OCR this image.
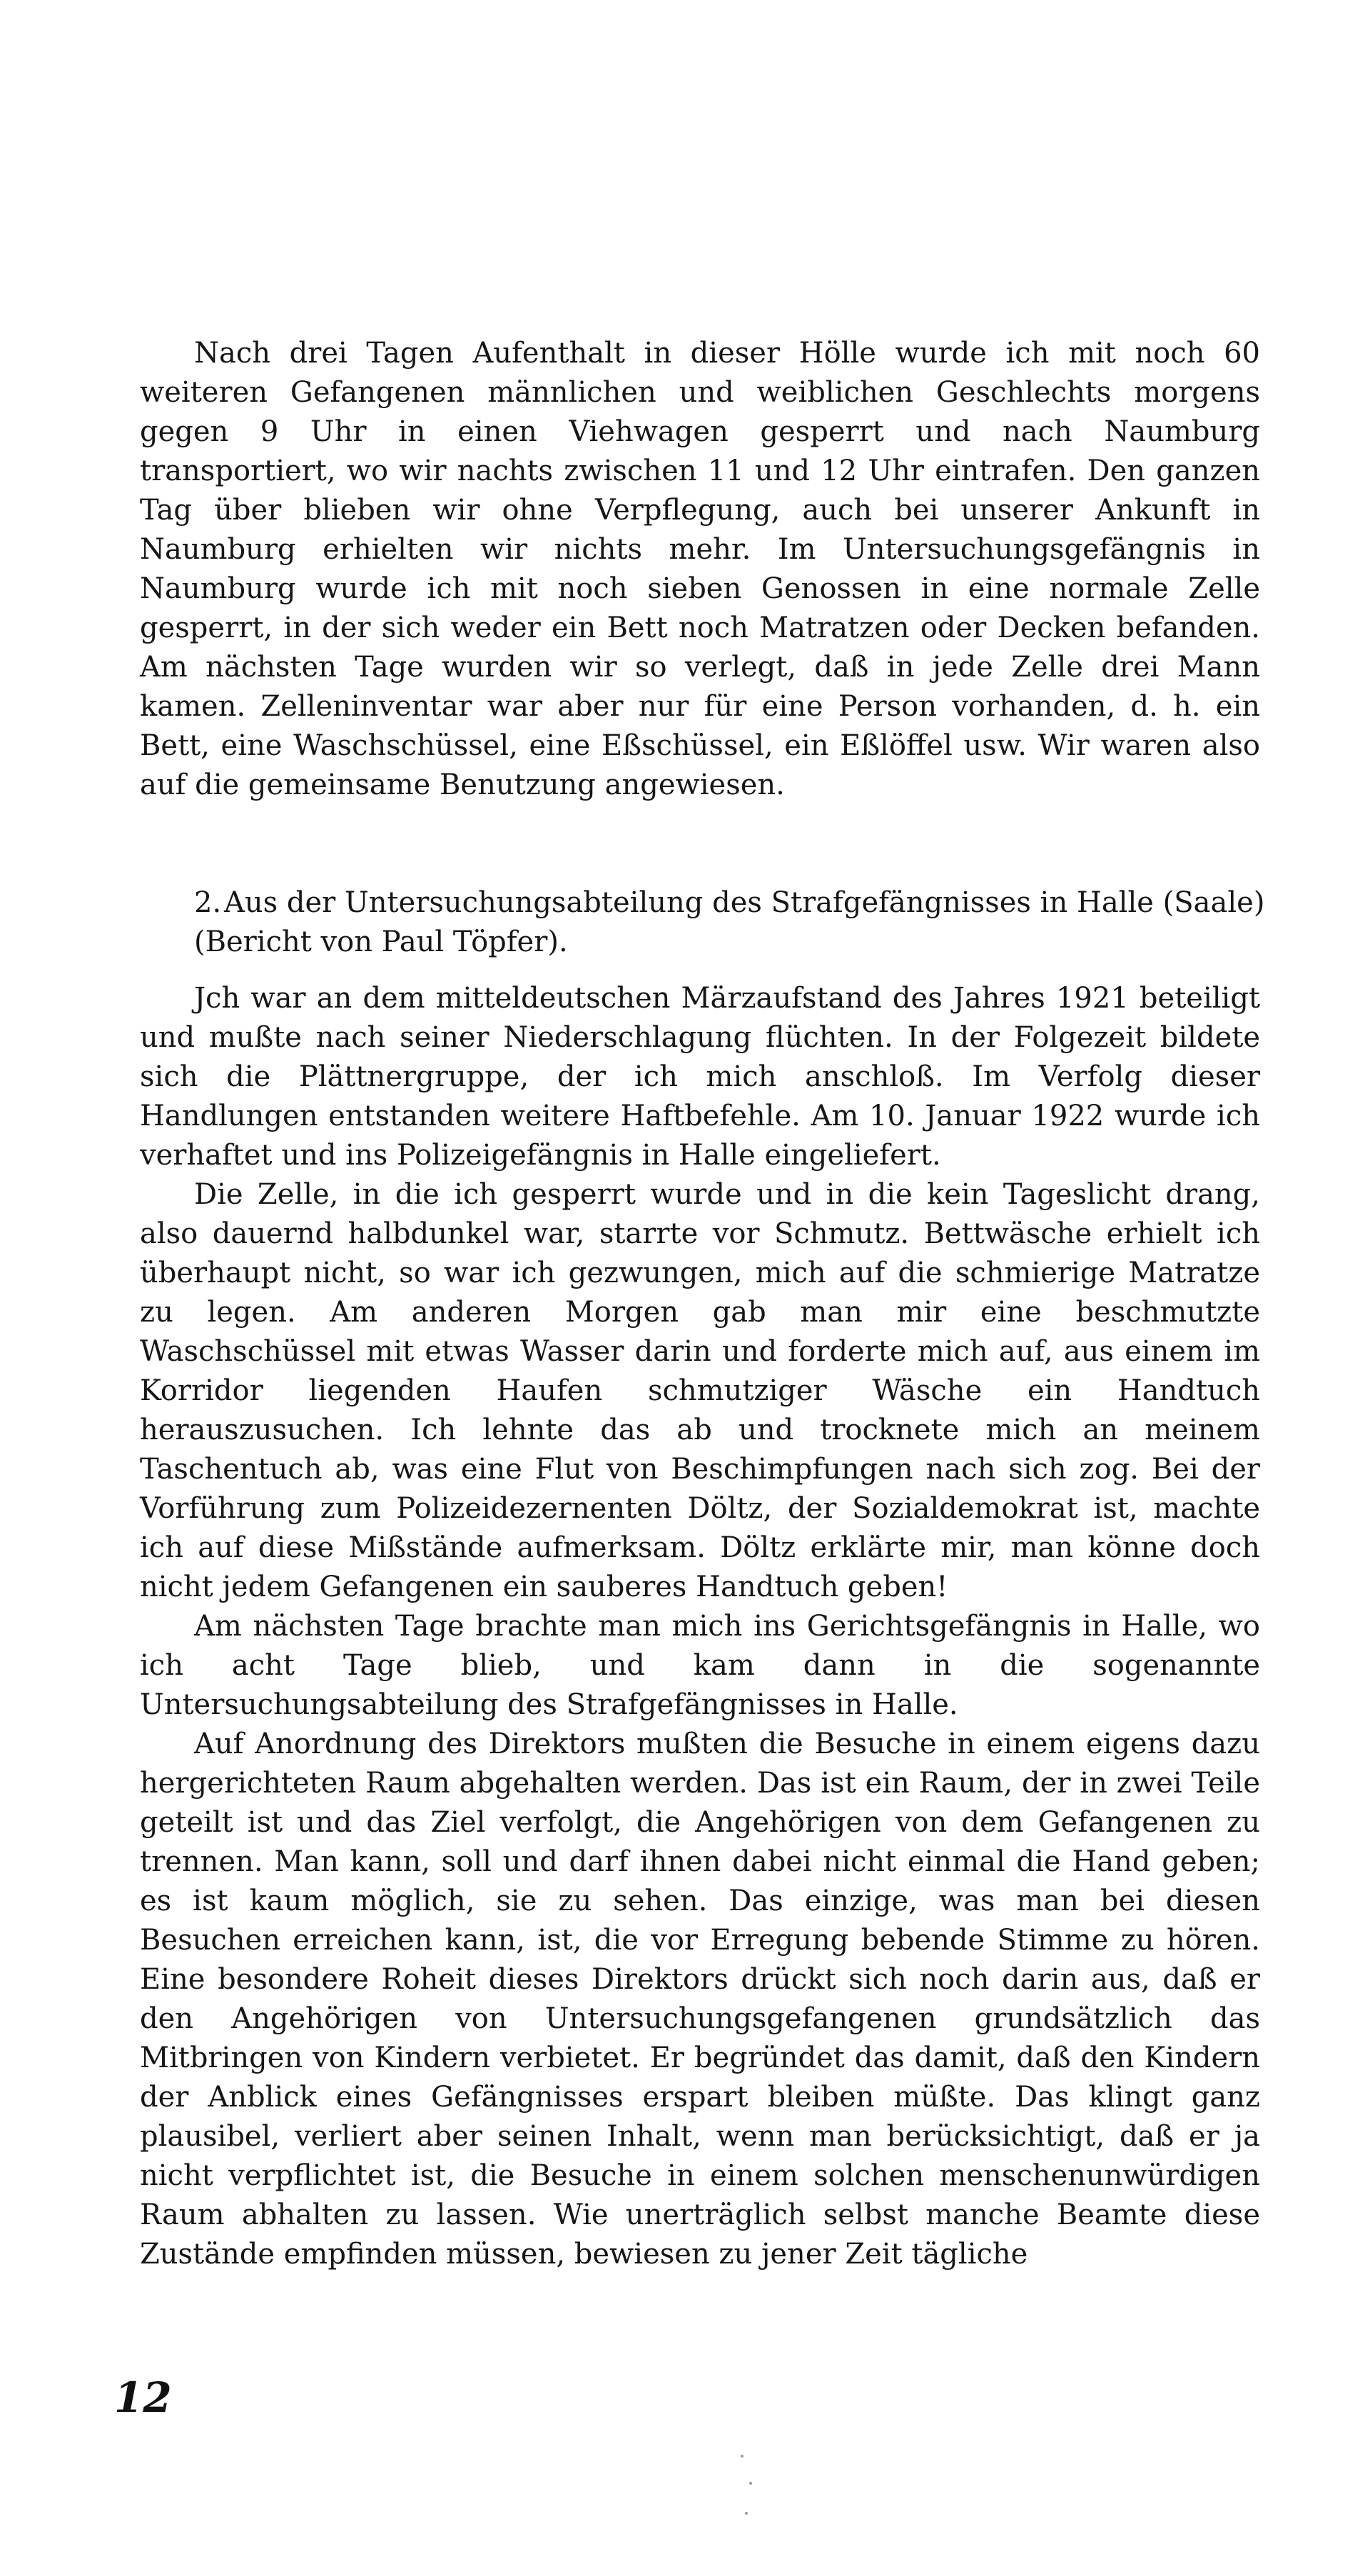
Nach drei Tagen Aufenthalt in dieser Hölle wurde ich mit noch 60 weiteren Gefangenen männlichen und weiblichen Geschlechts morgens gegen 9 Uhr in einen Viehwagen gesperrt und nach Naumburg transportiert, wo wir nachts zwischen 11 und 12 Uhr eintrafen. Den ganzen Tag über blieben wir ohne Verpflegung, auch bei unserer Ankunft in Naumburg erhielten wir nichts mehr. Im Untersuchungsgefängnis in Naumburg wurde ich mit noch sieben Genossen in eine normale Zelle gesperrt, in der sich weder ein Bett noch Matratzen oder Decken befanden. Am nächsten Tage wurden wir so verlegt, daß in jede Zelle drei Mann kamen. Zelleninventar war aber nur für eine Person vorhanden, d. h. ein Bett, eine Waschschüssel, eine Eßschüssel, ein Eßlöffel usw. Wir waren also auf die gemeinsame Benutzung angewiesen.

2.Aus der Untersuchungsabteilung des Strafgefängnisses in Halle (Saale) (Bericht von Paul Töpfer).

Jch war an dem mitteldeutschen Märzaufstand des Jahres 1921 beteiligt und mußte nach seiner Niederschlagung flüchten. In der Folgezeit bildete sich die Plättnergruppe, der ich mich anschloß. Im Verfolg dieser Handlungen entstanden weitere Haftbefehle. Am 10. Januar 1922 wurde ich verhaftet und ins Polizeigefängnis in Halle eingeliefert.

Die Zelle, in die ich gesperrt wurde und in die kein Tageslicht drang, also dauernd halbdunkel war, starrte vor Schmutz. Bettwäsche erhielt ich überhaupt nicht, so war ich gezwungen, mich auf die schmierige Matratze zu legen. Am anderen Morgen gab man mir eine beschmutzte Waschschüssel mit etwas Wasser darin und forderte mich auf, aus einem im Korridor liegenden Haufen schmutziger Wäsche ein Handtuch herauszusuchen. Ich lehnte das ab und trocknete mich an meinem Taschentuch ab, was eine Flut von Beschimpfungen nach sich zog. Bei der Vorführung zum Polizeidezernenten Döltz, der Sozialdemokrat ist, machte ich auf diese Mißstände aufmerksam. Döltz erklärte mir, man könne doch nicht jedem Gefangenen ein sauberes Handtuch geben!

Am nächsten Tage brachte man mich ins Gerichtsgefängnis in Halle, wo ich acht Tage blieb, und kam dann in die sogenannte Untersuchungsabteilung des Strafgefängnisses in Halle.

Auf Anordnung des Direktors mußten die Besuche in einem eigens dazu hergerichteten Raum abgehalten werden. Das ist ein Raum, der in zwei Teile geteilt ist und das Ziel verfolgt, die Angehörigen von dem Gefangenen zu trennen. Man kann, soll und darf ihnen dabei nicht einmal die Hand geben; es ist kaum möglich, sie zu sehen. Das einzige, was man bei diesen Besuchen erreichen kann, ist, die vor Erregung bebende Stimme zu hören. Eine besondere Roheit dieses Direktors drückt sich noch darin aus, daß er den Angehörigen von Untersuchungsgefangenen grundsätzlich das Mitbringen von Kindern verbietet. Er begründet das damit, daß den Kindern der Anblick eines Gefängnisses erspart bleiben müßte. Das klingt ganz plausibel, verliert aber seinen Inhalt, wenn man berücksichtigt, daß er ja nicht verpflichtet ist, die Besuche in einem solchen menschenunwürdigen Raum abhalten zu lassen. Wie unerträglich selbst manche Beamte diese Zustände empfinden müssen, bewiesen zu jener Zeit tägliche

12
